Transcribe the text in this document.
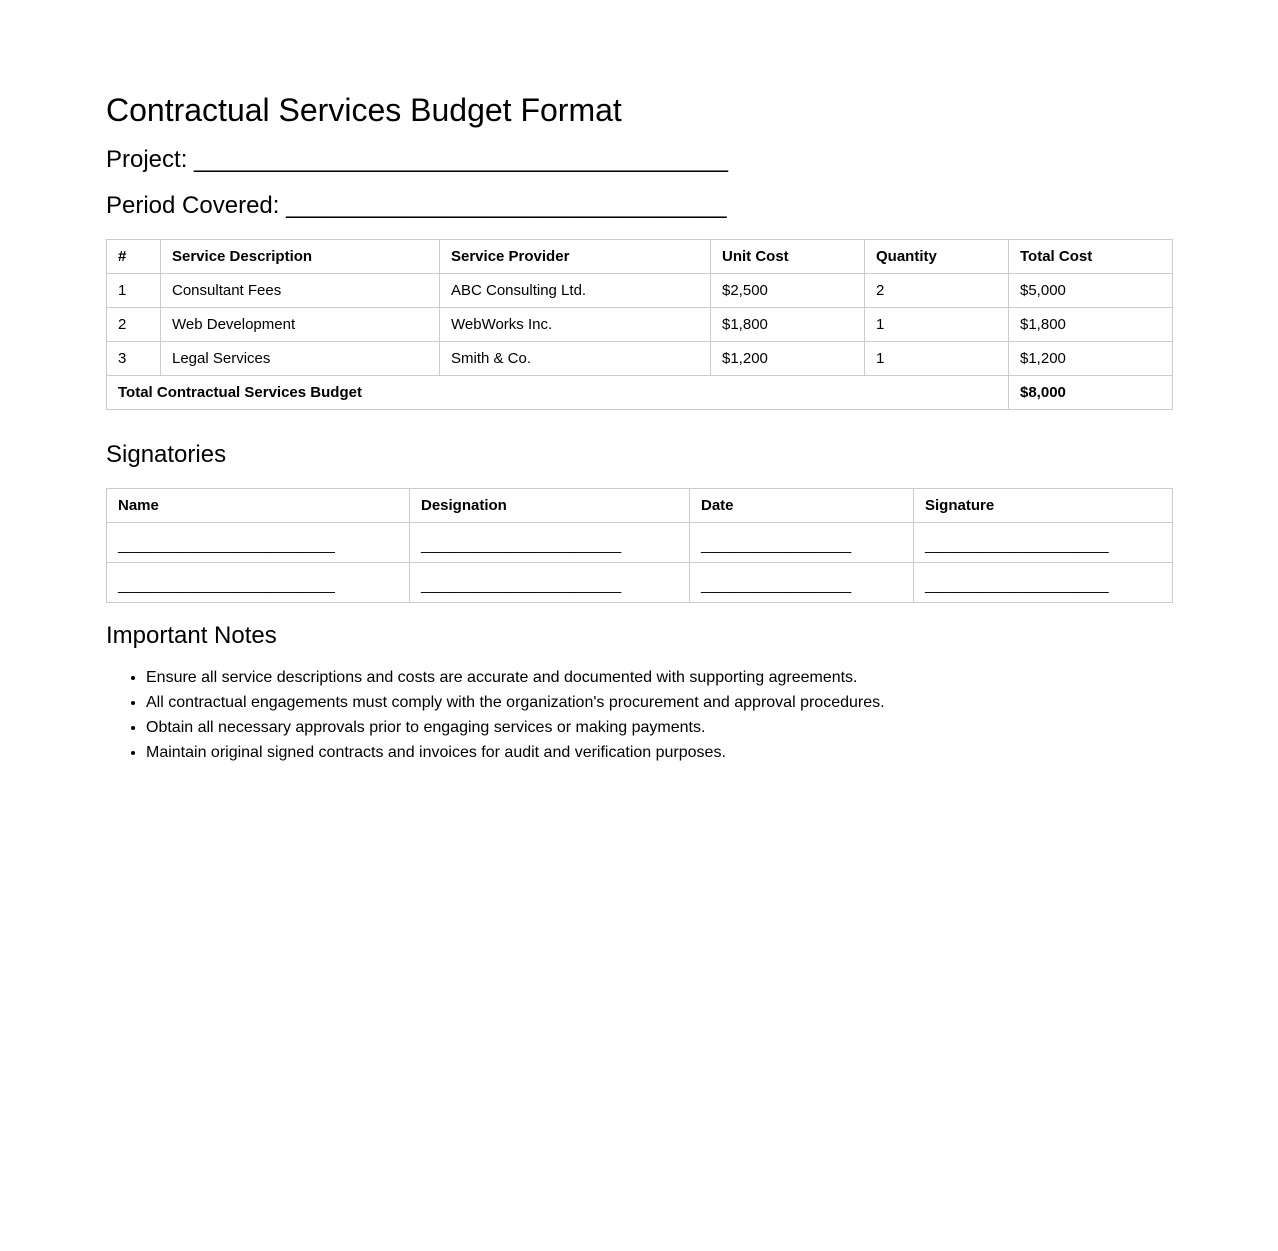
Contractual Services Budget Format
Project: ________________________________________
Period Covered: _________________________________
#	Service Description	Service Provider	Unit Cost	Quantity	Total Cost
1	Consultant Fees	ABC Consulting Ltd.	$2,500	2	$5,000
2	Web Development	WebWorks Inc.	$1,800	1	$1,800
3	Legal Services	Smith & Co.	$1,200	1	$1,200
Total Contractual Services Budget					$8,000
Signatories
Name	Designation	Date	Signature
__________________________	________________________	__________________	______________________
__________________________	________________________	__________________	______________________
Important Notes
• Ensure all service descriptions and costs are accurate and documented with supporting agreements.
• All contractual engagements must comply with the organization's procurement and approval procedures.
• Obtain all necessary approvals prior to engaging services or making payments.
• Maintain original signed contracts and invoices for audit and verification purposes.
